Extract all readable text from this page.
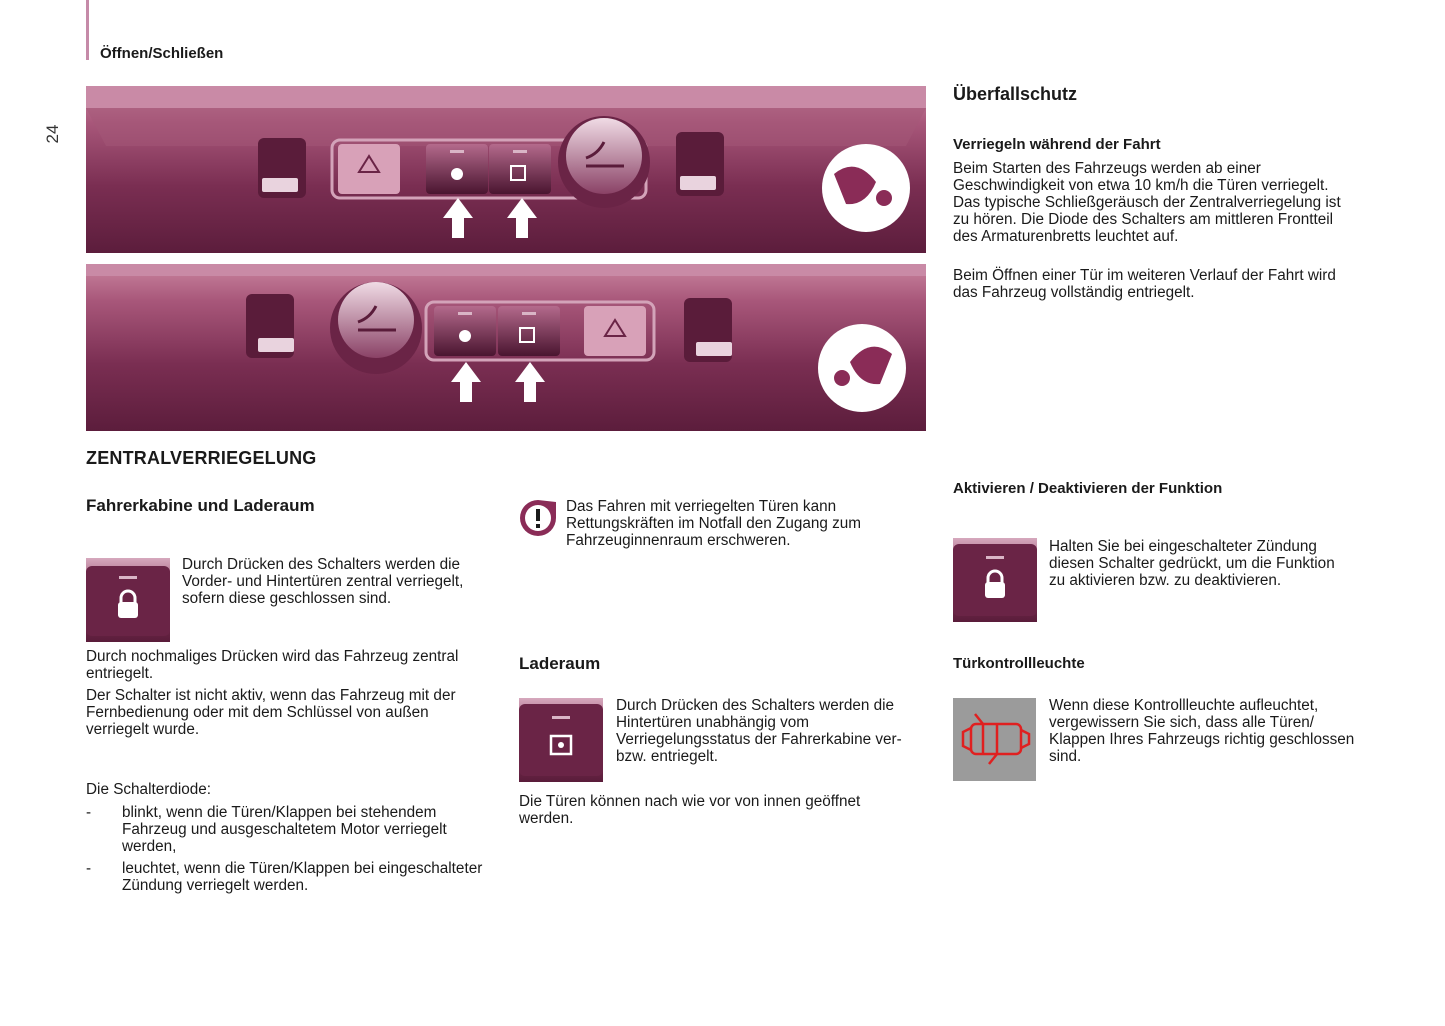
24
Öffnen/Schließen
ZENTRALVERRIEGELUNG
Fahrerkabine und Laderaum

Durch Drücken des Schalters werden die Vorder- und Hintertüren zentral verriegelt, sofern diese geschlossen sind.

Durch nochmaliges Drücken wird das Fahrzeug zentral entriegelt.

Der Schalter ist nicht aktiv, wenn das Fahrzeug mit der Fernbedienung oder mit dem Schlüssel von außen verriegelt wurde.

Die Schalterdiode:

- blinkt, wenn die Türen/Klappen bei stehendem Fahrzeug und ausgeschaltetem Motor verriegelt werden,
- leuchtet, wenn die Türen/Klappen bei eingeschalteter Zündung verriegelt werden.

Das Fahren mit verriegelten Türen kann Rettungskräften im Notfall den Zugang zum Fahrzeuginnenraum erschweren.

Laderaum

Durch Drücken des Schalters werden die Hintertüren unabhängig vom Verriegelungsstatus der Fahrerkabine ver- bzw. entriegelt.

Die Türen können nach wie vor von innen geöffnet werden.

Überfallschutz
Verriegeln während der Fahrt

Beim Starten des Fahrzeugs werden ab einer Geschwindigkeit von etwa 10 km/h die Türen verriegelt. Das typische Schließgeräusch der Zentralverriegelung ist zu hören. Die Diode des Schalters am mittleren Frontteil des Armaturenbretts leuchtet auf.

Beim Öffnen einer Tür im weiteren Verlauf der Fahrt wird das Fahrzeug vollständig entriegelt.

Aktivieren / Deaktivieren der Funktion

Halten Sie bei eingeschalteter Zündung diesen Schalter gedrückt, um die Funktion zu aktivieren bzw. zu deaktivieren.

Türkontrollleuchte

Wenn diese Kontrollleuchte aufleuchtet, vergewissern Sie sich, dass alle Türen/ Klappen Ihres Fahrzeugs richtig geschlossen sind.
